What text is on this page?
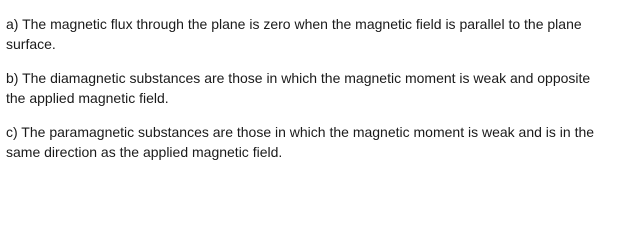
a) The magnetic flux through the plane is zero when the magnetic field is parallel to the plane surface.

b) The diamagnetic substances are those in which the magnetic moment is weak and opposite the applied magnetic field.

c) The paramagnetic substances are those in which the magnetic moment is weak and is in the same direction as the applied magnetic field.
